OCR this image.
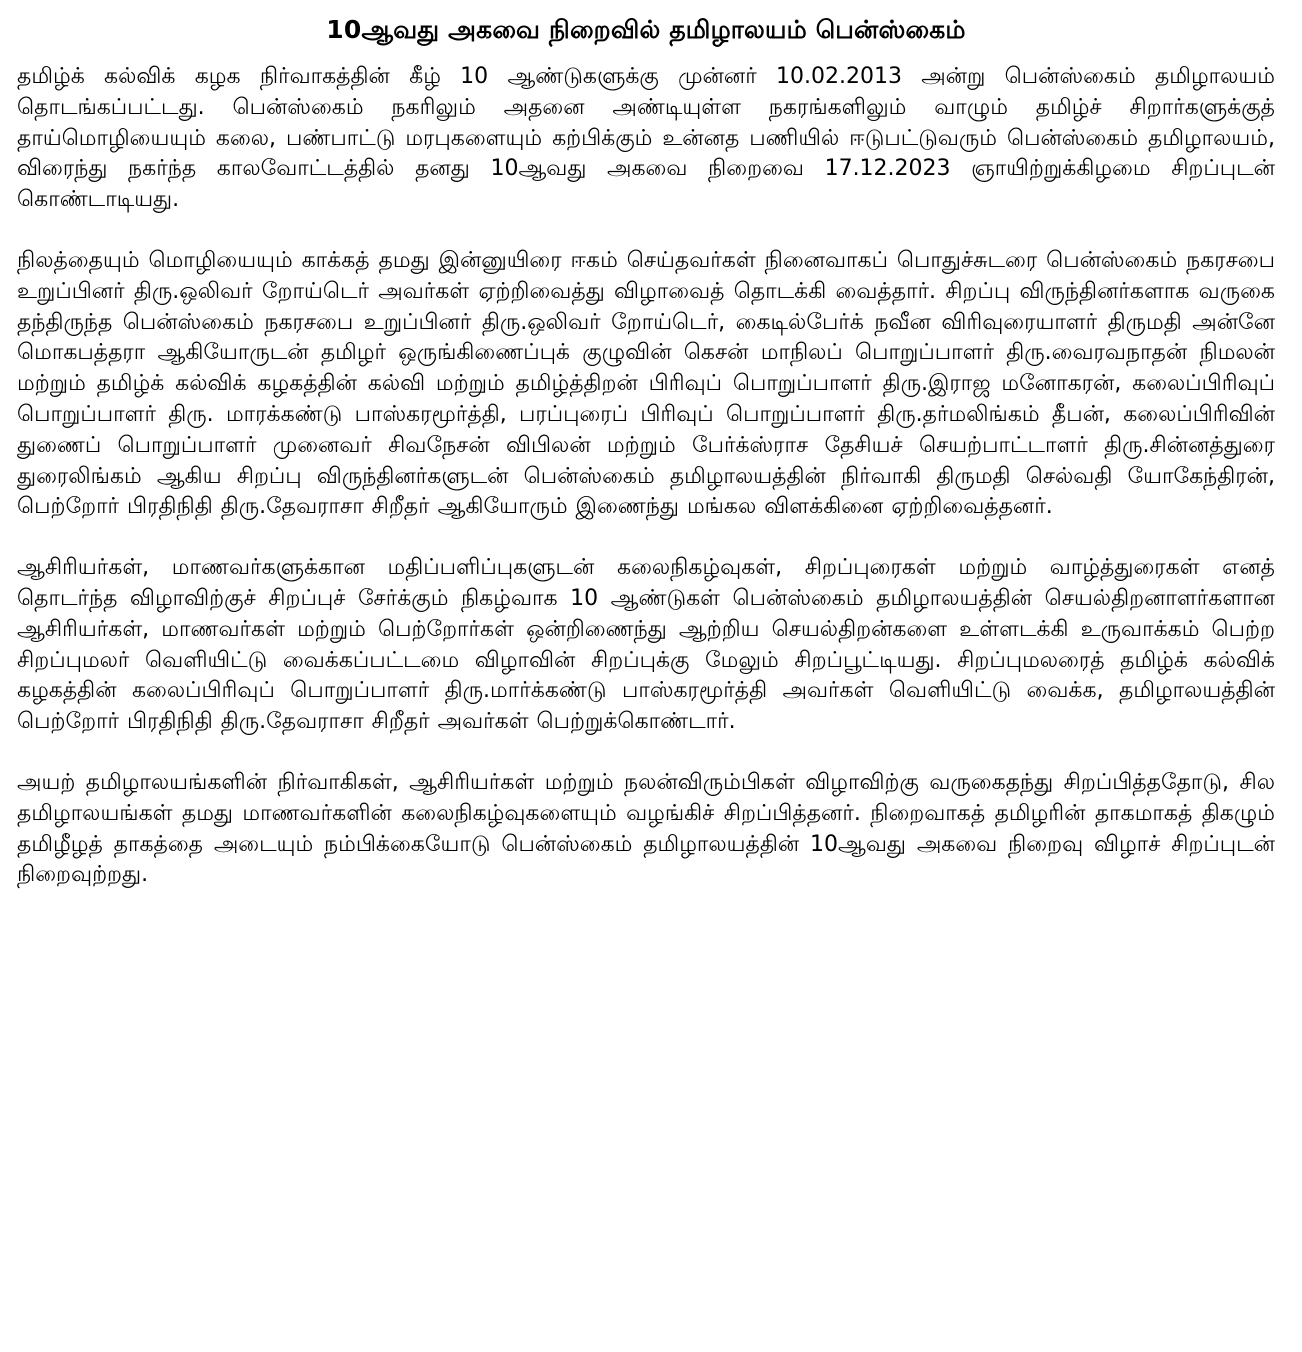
10ஆவது அகவை நிறைவில் தமிழாலயம் பென்ஸ்கைம்

தமிழ்க் கல்விக் கழக நிர்வாகத்தின் கீழ் 10 ஆண்டுகளுக்கு முன்னர் 10.02.2013 அன்று பென்ஸ்கைம் தமிழாலயம் தொடங்கப்பட்டது. பென்ஸ்கைம் நகரிலும் அதனை அண்டியுள்ள நகரங்களிலும் வாழும் தமிழ்ச் சிறார்களுக்குத் தாய்மொழியையும் கலை, பண்பாட்டு மரபுகளையும் கற்பிக்கும் உன்னத பணியில் ஈடுபட்டுவரும் பென்ஸ்கைம் தமிழாலயம், விரைந்து நகர்ந்த காலவோட்டத்தில் தனது 10ஆவது அகவை நிறைவை 17.12.2023 ஞாயிற்றுக்கிழமை சிறப்புடன் கொண்டாடியது.

நிலத்தையும் மொழியையும் காக்கத் தமது இன்னுயிரை ஈகம் செய்தவர்கள் நினைவாகப் பொதுச்சுடரை பென்ஸ்கைம் நகரசபை உறுப்பினர் திரு.ஒலிவர் றோய்டெர் அவர்கள் ஏற்றிவைத்து விழாவைத் தொடக்கி வைத்தார். சிறப்பு விருந்தினர்களாக வருகை தந்திருந்த பென்ஸ்கைம் நகரசபை உறுப்பினர் திரு.ஒலிவர் றோய்டெர், கைடில்பேர்க் நவீன விரிவுரையாளர் திருமதி அன்னே மொகபத்தரா ஆகியோருடன் தமிழர் ஒருங்கிணைப்புக் குழுவின் கெசன் மாநிலப் பொறுப்பாளர் திரு.வைரவநாதன் நிமலன் மற்றும் தமிழ்க் கல்விக் கழகத்தின் கல்வி மற்றும் தமிழ்த்திறன் பிரிவுப் பொறுப்பாளர் திரு.இராஜ மனோகரன், கலைப்பிரிவுப் பொறுப்பாளர் திரு. மாரக்கண்டு பாஸ்கரமூர்த்தி, பரப்புரைப் பிரிவுப் பொறுப்பாளர் திரு.தர்மலிங்கம் தீபன், கலைப்பிரிவின் துணைப் பொறுப்பாளர் முனைவர் சிவநேசன் விபிலன் மற்றும் பேர்க்ஸ்ராச தேசியச் செயற்பாட்டாளர் திரு.சின்னத்துரை துரைலிங்கம் ஆகிய சிறப்பு விருந்தினர்களுடன் பென்ஸ்கைம் தமிழாலயத்தின் நிர்வாகி திருமதி செல்வதி யோகேந்திரன், பெற்றோர் பிரதிநிதி திரு.தேவராசா சிறீதர் ஆகியோரும் இணைந்து மங்கல விளக்கினை ஏற்றிவைத்தனர்.

ஆசிரியர்கள், மாணவர்களுக்கான மதிப்பளிப்புகளுடன் கலைநிகழ்வுகள், சிறப்புரைகள் மற்றும் வாழ்த்துரைகள் எனத் தொடர்ந்த விழாவிற்குச் சிறப்புச் சேர்க்கும் நிகழ்வாக 10 ஆண்டுகள் பென்ஸ்கைம் தமிழாலயத்தின் செயல்திறனாளர்களான ஆசிரியர்கள், மாணவர்கள் மற்றும் பெற்றோர்கள் ஒன்றிணைந்து ஆற்றிய செயல்திறன்களை உள்ளடக்கி உருவாக்கம் பெற்ற சிறப்புமலர் வெளியிட்டு வைக்கப்பட்டமை விழாவின் சிறப்புக்கு மேலும் சிறப்பூட்டியது. சிறப்புமலரைத் தமிழ்க் கல்விக் கழகத்தின் கலைப்பிரிவுப் பொறுப்பாளர் திரு.மார்க்கண்டு பாஸ்கரமூர்த்தி அவர்கள் வெளியிட்டு வைக்க, தமிழாலயத்தின் பெற்றோர் பிரதிநிதி திரு.தேவராசா சிறீதர் அவர்கள் பெற்றுக்கொண்டார்.

அயற் தமிழாலயங்களின் நிர்வாகிகள், ஆசிரியர்கள் மற்றும் நலன்விரும்பிகள் விழாவிற்கு வருகைதந்து சிறப்பித்ததோடு, சில தமிழாலயங்கள் தமது மாணவர்களின் கலைநிகழ்வுகளையும் வழங்கிச் சிறப்பித்தனர். நிறைவாகத் தமிழரின் தாகமாகத் திகழும் தமிழீழத் தாகத்தை அடையும் நம்பிக்கையோடு பென்ஸ்கைம் தமிழாலயத்தின் 10ஆவது அகவை நிறைவு விழாச் சிறப்புடன் நிறைவுற்றது.
